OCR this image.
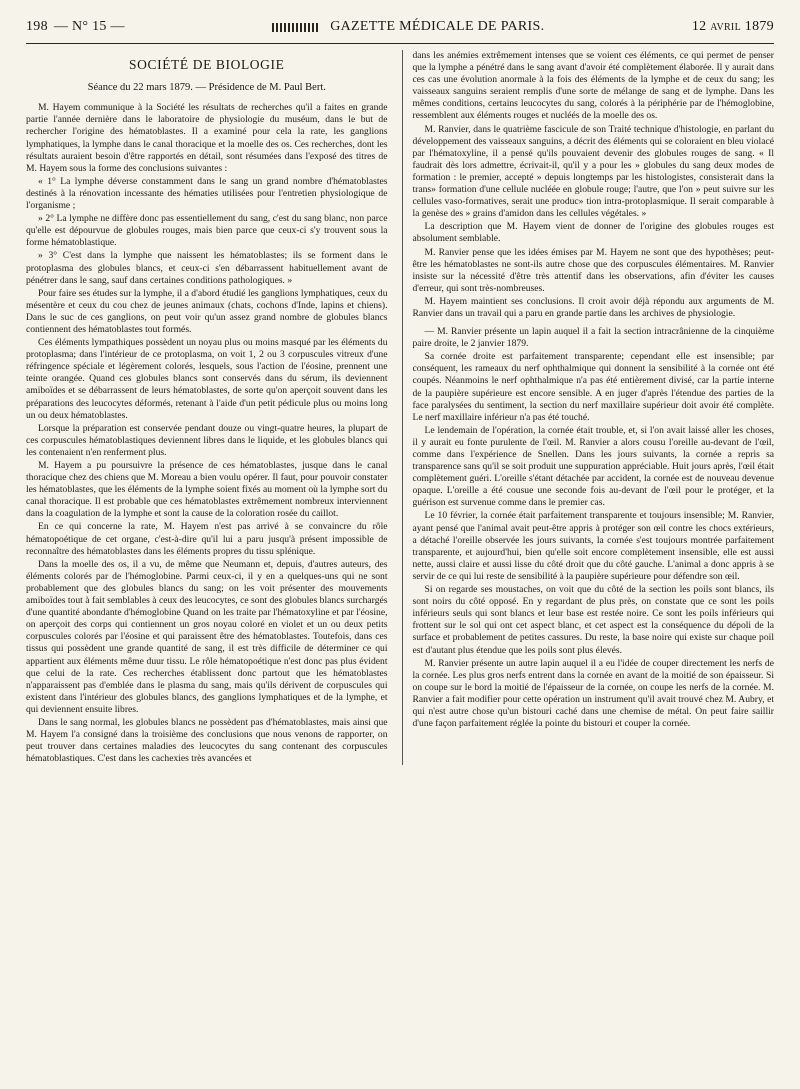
198 — N° 15 —	GAZETTE MÉDICALE DE PARIS.	12 avril 1879
SOCIÉTÉ DE BIOLOGIE
Séance du 22 mars 1879. — Présidence de M. Paul Bert.

M. Hayem communique à la Société les résultats de recherches qu'il a faites en grande partie l'année dernière dans le laboratoire de physiologie du muséum, dans le but de rechercher l'origine des hématoblastes. Il a examiné pour cela la rate, les ganglions lymphatiques, la lymphe dans le canal thoracique et la moelle des os. Ces recherches, dont les résultats auraient besoin d'être rapportés en détail, sont résumées dans l'exposé des titres de M. Hayem sous la forme des conclusions suivantes :

« 1° La lymphe déverse constamment dans le sang un grand nombre d'hématoblastes destinés à la rénovation incessante des hématies utilisées pour l'entretien physiologique de l'organisme ;

» 2° La lymphe ne diffère donc pas essentiellement du sang, c'est du sang blanc, non parce qu'elle est dépourvue de globules rouges, mais bien parce que ceux-ci s'y trouvent sous la forme hématoblastique.

» 3° C'est dans la lymphe que naissent les hématoblastes; ils se forment dans le protoplasma des globules blancs, et ceux-ci s'en débarrassent habituellement avant de pénétrer dans le sang, sauf dans certaines conditions pathologiques. »

Pour faire ses études sur la lymphe, il a d'abord étudié les ganglions lymphatiques, ceux du mésentère et ceux du cou chez de jeunes animaux (chats, cochons d'Inde, lapins et chiens). Dans le suc de ces ganglions, on peut voir qu'un assez grand nombre de globules blancs contiennent des hématoblastes tout formés.

Ces éléments lympathiques possèdent un noyau plus ou moins masqué par les éléments du protoplasma; dans l'intérieur de ce protoplasma, on voit 1, 2 ou 3 corpuscules vitreux d'une réfringence spéciale et légèrement colorés, lesquels, sous l'action de l'éosine, prennent une teinte orangée. Quand ces globules blancs sont conservés dans du sérum, ils deviennent amiboïdes et se débarrassent de leurs hématoblastes, de sorte qu'on aperçoit souvent dans les préparations des leucocytes déformés, retenant à l'aide d'un petit pédicule plus ou moins long un ou deux hématoblastes.

Lorsque la préparation est conservée pendant douze ou vingt-quatre heures, la plupart de ces corpuscules hématoblastiques deviennent libres dans le liquide, et les globules blancs qui les contenaient n'en renferment plus.

M. Hayem a pu poursuivre la présence de ces hématoblastes, jusque dans le canal thoracique chez des chiens que M. Moreau a bien voulu opérer. Il faut, pour pouvoir constater les hématoblastes, que les éléments de la lymphe soient fixés au moment où la lymphe sort du canal thoracique. Il est probable que ces hématoblastes extrêmement nombreux interviennent dans la coagulation de la lymphe et sont la cause de la coloration rosée du caillot.

En ce qui concerne la rate, M. Hayem n'est pas arrivé à se convaincre du rôle hématopoétique de cet organe, c'est-à-dire qu'il lui a paru jusqu'à présent impossible de reconnaître des hématoblastes dans les éléments propres du tissu splénique.

Dans la moelle des os, il a vu, de même que Neumann et, depuis, d'autres auteurs, des éléments colorés par de l'hémoglobine. Parmi ceux-ci, il y en a quelques-uns qui ne sont probablement que des globules blancs du sang; on les voit présenter des mouvements amiboïdes tout à fait semblables à ceux des leucocytes, ce sont des globules blancs surchargés d'une quantité abondante d'hémoglobine Quand on les traite par l'hématoxyline et par l'éosine, on aperçoit des corps qui contiennent un gros noyau coloré en violet et un ou deux petits corpuscules colorés par l'éosine et qui paraissent être des hématoblastes. Toutefois, dans ces tissus qui possèdent une grande quantité de sang, il est très difficile de déterminer ce qui appartient aux éléments même duur tissu. Le rôle hématopoétique n'est donc pas plus évident que celui de la rate. Ces recherches établissent donc partout que les hématoblastes n'apparaissent pas d'emblée dans le plasma du sang, mais qu'ils dérivent de corpuscules qui existent dans l'intérieur des globules blancs, des ganglions lymphatiques et de la lymphe, et qui deviennent ensuite libres.

Dans le sang normal, les globules blancs ne possèdent pas d'hématoblastes, mais ainsi que M. Hayem l'a consigné dans la troisième des conclusions que nous venons de rapporter, on peut trouver dans certaines maladies des leucocytes du sang contenant des corpuscules hématoblastiques. C'est dans les cachexies très avancées et

dans les anémies extrêmement intenses que se voient ces éléments, ce qui permet de penser que la lymphe a pénétré dans le sang avant d'avoir été complètement élaborée. Il y aurait dans ces cas une évolution anormale à la fois des éléments de la lymphe et de ceux du sang; les vaisseaux sanguins seraient remplis d'une sorte de mélange de sang et de lymphe. Dans les mêmes conditions, certains leucocytes du sang, colorés à la périphérie par de l'hémoglobine, ressemblent aux éléments rouges et nucléés de la moelle des os.

M. Ranvier, dans le quatrième fascicule de son Traité technique d'histologie, en parlant du développement des vaisseaux sanguins, a décrit des éléments qui se coloraient en bleu violacé par l'hématoxyline, il a pensé qu'ils pouvaient devenir des globules rouges de sang. « Il faudrait dès lors admettre, écrivait-il, qu'il y a pour les » globules du sang deux modes de formation : le premier, accepté » depuis longtemps par les histologistes, consisterait dans la trans» formation d'une cellule nucléée en globule rouge; l'autre, que l'on » peut suivre sur les cellules vaso-formatives, serait une produc» tion intra-protoplasmique. Il serait comparable à la genèse des » grains d'amidon dans les cellules végétales. »

La description que M. Hayem vient de donner de l'origine des globules rouges est absolument semblable.

M. Ranvier pense que les idées émises par M. Hayem ne sont que des hypothèses; peut-être les hématoblastes ne sont-ils autre chose que des corpuscules élémentaires. M. Ranvier insiste sur la nécessité d'être très attentif dans les observations, afin d'éviter les causes d'erreur, qui sont très-nombreuses.

M. Hayem maintient ses conclusions. Il croit avoir déjà répondu aux arguments de M. Ranvier dans un travail qui a paru en grande partie dans les archives de physiologie.

— M. Ranvier présente un lapin auquel il a fait la section intracrânienne de la cinquième paire droite, le 2 janvier 1879.

Sa cornée droite est parfaitement transparente; cependant elle est insensible; par conséquent, les rameaux du nerf ophthalmique qui donnent la sensibilité à la cornée ont été coupés. Néanmoins le nerf ophthalmique n'a pas été entièrement divisé, car la partie interne de la paupière supérieure est encore sensible. A en juger d'après l'étendue des parties de la face paralysées du sentiment, la section du nerf maxillaire supérieur doit avoir été complète. Le nerf maxillaire inférieur n'a pas été touché.

Le lendemain de l'opération, la cornée était trouble, et, si l'on avait laissé aller les choses, il y aurait eu fonte purulente de l'œil. M. Ranvier a alors cousu l'oreille au-devant de l'œil, comme dans l'expérience de Snellen. Dans les jours suivants, la cornée a repris sa transparence sans qu'il se soit produit une suppuration appréciable. Huit jours après, l'œil était complètement guéri. L'oreille s'étant détachée par accident, la cornée est de nouveau devenue opaque. L'oreille a été cousue une seconde fois au-devant de l'œil pour le protéger, et la guérison est survenue comme dans le premier cas.

Le 10 février, la cornée était parfaitement transparente et toujours insensible; M. Ranvier, ayant pensé que l'animal avait peut-être appris à protéger son œil contre les chocs extérieurs, a détaché l'oreille observée les jours suivants, la cornée s'est toujours montrée parfaitement transparente, et aujourd'hui, bien qu'elle soit encore complètement insensible, elle est aussi nette, aussi claire et aussi lisse du côté droit que du côté gauche. L'animal a donc appris à se servir de ce qui lui reste de sensibilité à la paupière supérieure pour défendre son œil.

Si on regarde ses moustaches, on voit que du côté de la section les poils sont blancs, ils sont noirs du côté opposé. En y regardant de plus près, on constate que ce sont les poils inférieurs seuls qui sont blancs et leur base est restée noire. Ce sont les poils inférieurs qui frottent sur le sol qui ont cet aspect blanc, et cet aspect est la conséquence du dépoli de la surface et probablement de petites cassures. Du reste, la base noire qui existe sur chaque poil est d'autant plus étendue que les poils sont plus élevés.

M. Ranvier présente un autre lapin auquel il a eu l'idée de couper directement les nerfs de la cornée. Les plus gros nerfs entrent dans la cornée en avant de la moitié de son épaisseur. Si on coupe sur le bord la moitié de l'épaisseur de la cornée, on coupe les nerfs de la cornée. M. Ranvier a fait modifier pour cette opération un instrument qu'il avait trouvé chez M. Aubry, et qui n'est autre chose qu'un bistouri caché dans une chemise de métal. On peut faire saillir d'une façon parfaitement réglée la pointe du bistouri et couper la cornée.
